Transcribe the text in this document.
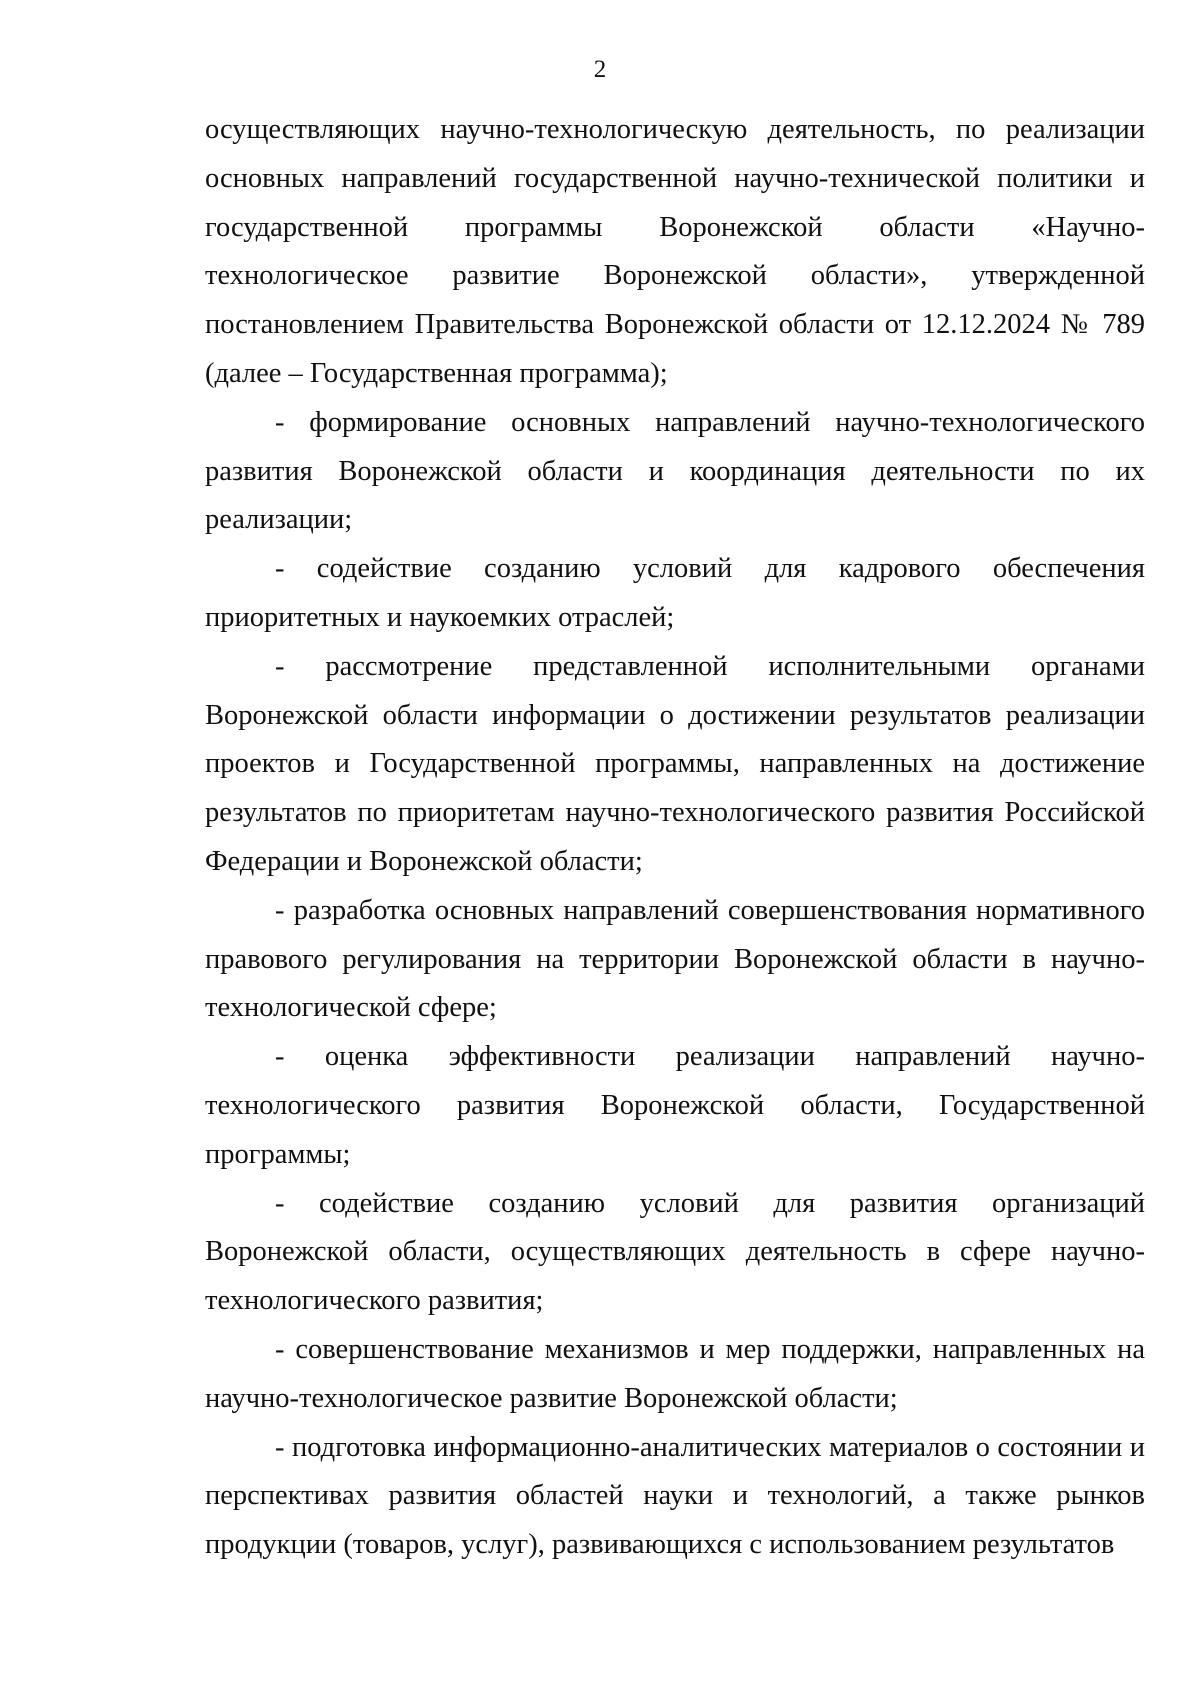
2

осуществляющих научно-технологическую деятельность, по реализации основных направлений государственной научно-технической политики и государственной программы Воронежской области «Научно-технологическое развитие Воронежской области», утвержденной постановлением Правительства Воронежской области от 12.12.2024 № 789 (далее – Государственная программа);

- формирование основных направлений научно-технологического развития Воронежской области и координация деятельности по их реализации;

- содействие созданию условий для кадрового обеспечения приоритетных и наукоемких отраслей;

- рассмотрение представленной исполнительными органами Воронежской области информации о достижении результатов реализации проектов и Государственной программы, направленных на достижение результатов по приоритетам научно-технологического развития Российской Федерации и Воронежской области;

- разработка основных направлений совершенствования нормативного правового регулирования на территории Воронежской области в научно-технологической сфере;

- оценка эффективности реализации направлений научно-технологического развития Воронежской области, Государственной программы;

- содействие созданию условий для развития организаций Воронежской области, осуществляющих деятельность в сфере научно-технологического развития;

- совершенствование механизмов и мер поддержки, направленных на научно-технологическое развитие Воронежской области;

- подготовка информационно-аналитических материалов о состоянии и перспективах развития областей науки и технологий, а также рынков продукции (товаров, услуг), развивающихся с использованием результатов
